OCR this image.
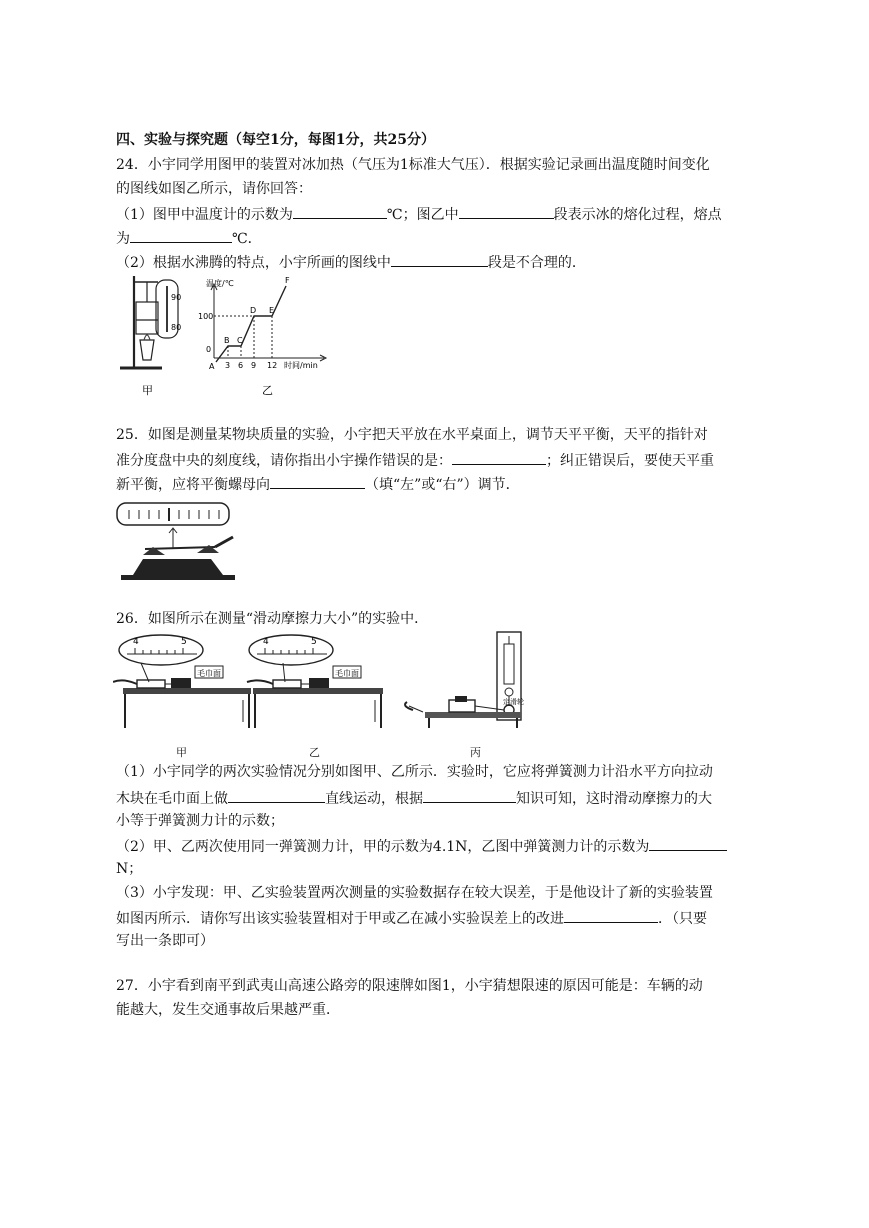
四、实验与探究题（每空1分，每图1分，共25分）
24．小宇同学用图甲的装置对冰加热（气压为1标准大气压）．根据实验记录画出温度随时间变化
的图线如图乙所示，请你回答：
（1）图甲中温度计的示数为	℃；图乙中	段表示冰的熔化过程，熔点
为	℃．
（2）根据水沸腾的特点，小宇所画的图线中	段是不合理的．
90
80
温度/℃
100
0
A
B C
D E
F
3 6 9 12 时间/min
甲	乙
25．如图是测量某物块质量的实验，小宇把天平放在水平桌面上，调节天平平衡，天平的指针对
准分度盘中央的刻度线，请你指出小宇操作错误的是：	；纠正错误后，要使天平重
新平衡，应将平衡螺母向	（填“左”或“右”）调节．
26．如图所示在测量“滑动摩擦力大小”的实验中．
4	5
毛巾面
4	5
毛巾面
定滑轮
甲	乙	丙
（1）小宇同学的两次实验情况分别如图甲、乙所示．实验时，它应将弹簧测力计沿水平方向拉动
木块在毛巾面上做	直线运动，根据	知识可知，这时滑动摩擦力的大
小等于弹簧测力计的示数；
（2）甲、乙两次使用同一弹簧测力计，甲的示数为4.1N，乙图中弹簧测力计的示数为
N；
（3）小宇发现：甲、乙实验装置两次测量的实验数据存在较大误差，于是他设计了新的实验装置
如图丙所示．请你写出该实验装置相对于甲或乙在减小实验误差上的改进	．（只要
写出一条即可）
27．小宇看到南平到武夷山高速公路旁的限速牌如图1，小宇猜想限速的原因可能是：车辆的动
能越大，发生交通事故后果越严重．
